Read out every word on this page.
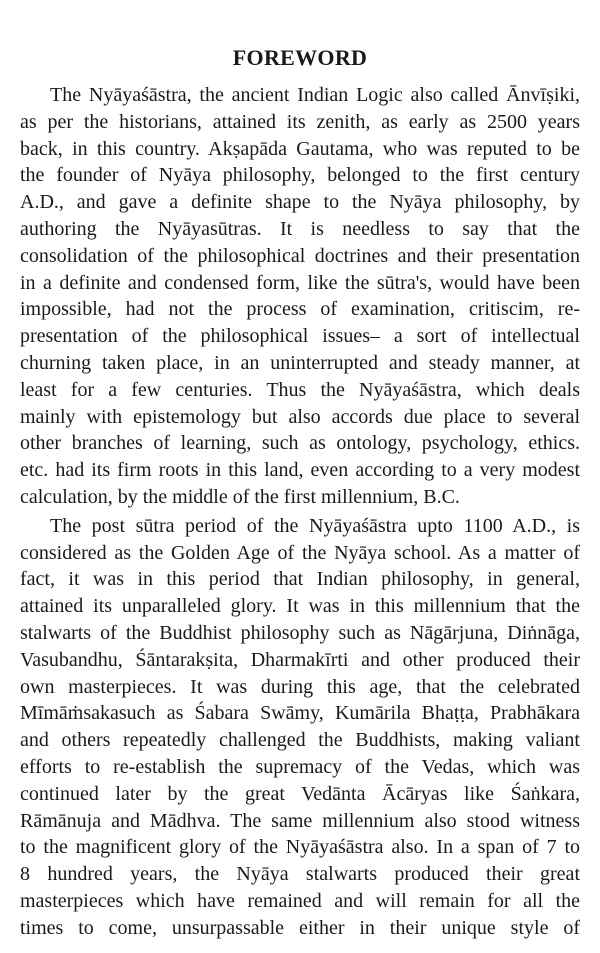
FOREWORD
The Nyāyaśāstra, the ancient Indian Logic also called Ānvīṣiki,
as per the historians, attained its zenith, as early as 2500 years
back, in this country. Akṣapāda Gautama, who was reputed to be
the founder of Nyāya philosophy, belonged to the first century
A.D., and gave a definite shape to the Nyāya philosophy, by
authoring the Nyāyasūtras. It is needless to say that the
consolidation of the philosophical doctrines and their presentation
in a definite and condensed form, like the sūtra's, would have been
impossible, had not the process of examination, critiscim, re-
presentation of the philosophical issues– a sort of intellectual
churning taken place, in an uninterrupted and steady manner, at
least for a few centuries. Thus the Nyāyaśāstra, which deals
mainly with epistemology but also accords due place to several
other branches of learning, such as ontology, psychology, ethics.
etc. had its firm roots in this land, even according to a very modest
calculation, by the middle of the first millennium, B.C.
The post sūtra period of the Nyāyaśāstra upto 1100 A.D., is
considered as the Golden Age of the Nyāya school. As a matter of
fact, it was in this period that Indian philosophy, in general,
attained its unparalleled glory. It was in this millennium that the
stalwarts of the Buddhist philosophy such as Nāgārjuna, Diṅnāga,
Vasubandhu, Śāntarakṣita, Dharmakīrti and other produced their
own masterpieces. It was during this age, that the celebrated
Mīmāṁsakasuch as Śabara Swāmy, Kumārila Bhaṭṭa, Prabhākara
and others repeatedly challenged the Buddhists, making valiant
efforts to re-establish the supremacy of the Vedas, which was
continued later by the great Vedānta Ācāryas like Śaṅkara,
Rāmānuja and Mādhva. The same millennium also stood witness
to the magnificent glory of the Nyāyaśāstra also. In a span of 7 to
8 hundred years, the Nyāya stalwarts produced their great
masterpieces which have remained and will remain for all the
times to come, unsurpassable either in their unique style of
